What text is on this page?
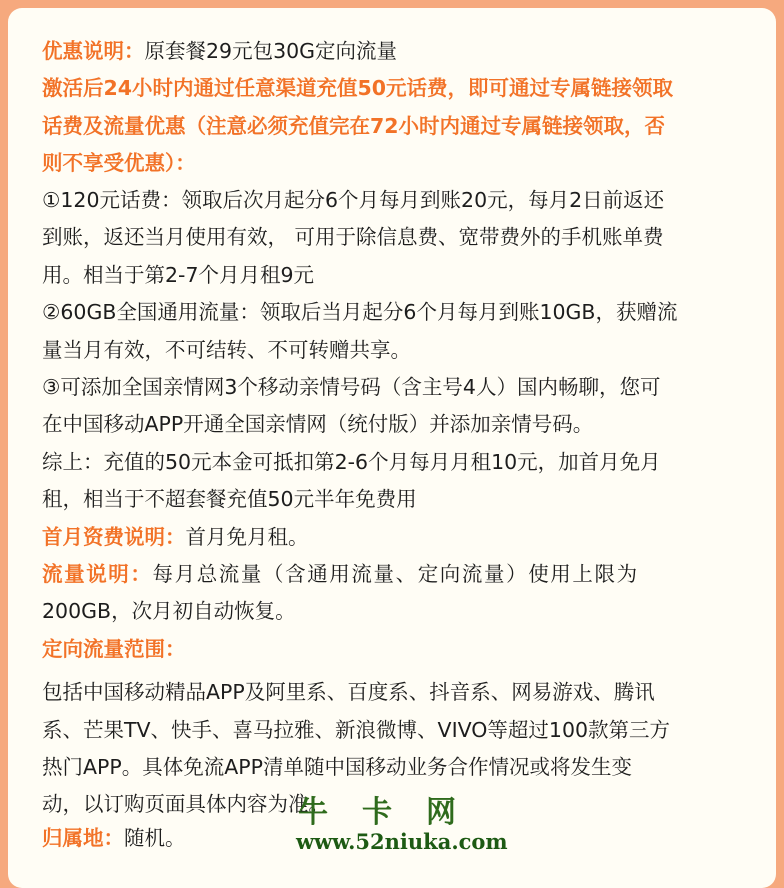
优惠说明：原套餐29元包30G定向流量

激活后24小时内通过任意渠道充值50元话费，即可通过专属链接领取

话费及流量优惠（注意必须充值完在72小时内通过专属链接领取，否

则不享受优惠）：

①120元话费：领取后次月起分6个月每月到账20元，每月2日前返还

到账，返还当月使用有效， 可用于除信息费、宽带费外的手机账单费

用。相当于第2-7个月月租9元

②60GB全国通用流量：领取后当月起分6个月每月到账10GB，获赠流

量当月有效，不可结转、不可转赠共享。

③可添加全国亲情网3个移动亲情号码（含主号4人）国内畅聊，您可

在中国移动APP开通全国亲情网（统付版）并添加亲情号码。

综上：充值的50元本金可抵扣第2-6个月每月月租10元，加首月免月

租，相当于不超套餐充值50元半年免费用

首月资费说明：首月免月租。

流量说明：每月总流量（含通用流量、定向流量）使用上限为

200GB，次月初自动恢复。

定向流量范围：

包括中国移动精品APP及阿里系、百度系、抖音系、网易游戏、腾讯

系、芒果TV、快手、喜马拉雅、新浪微博、VIVO等超过100款第三方

热门APP。具体免流APP清单随中国移动业务合作情况或将发生变

动，以订购页面具体内容为准。

归属地：随机。

牛卡网
www.52niuka.com
